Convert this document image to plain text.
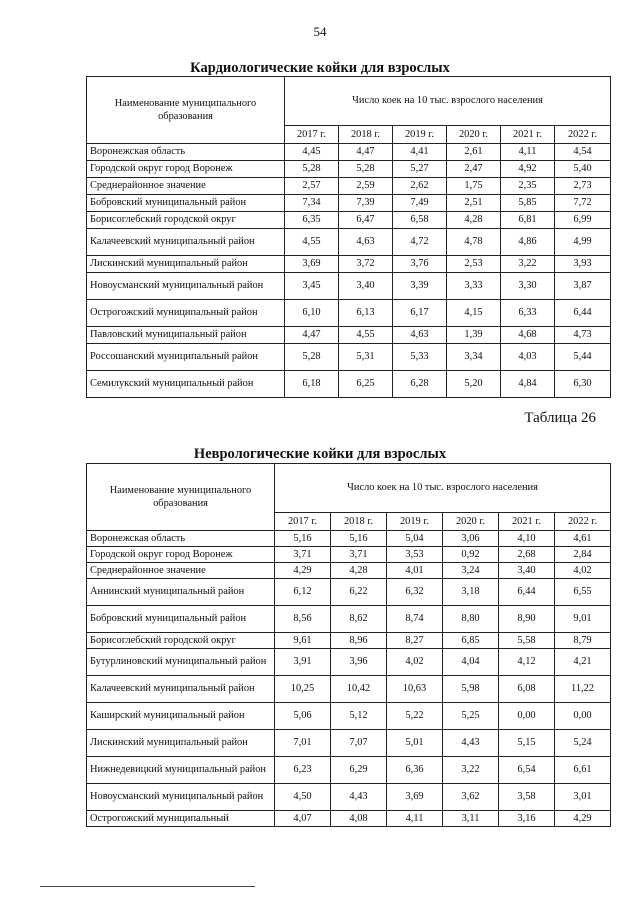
54
Кардиологические койки для взрослых
Наименование муниципального образования	Число коек на 10 тыс. взрослого населения					
	2017 г.	2018 г.	2019 г.	2020 г.	2021 г.	2022 г.
Воронежская область	4,45	4,47	4,41	2,61	4,11	4,54
Городской округ город Воронеж	5,28	5,28	5,27	2,47	4,92	5,40
Среднерайонное значение	2,57	2,59	2,62	1,75	2,35	2,73
Бобровский муниципальный район	7,34	7,39	7,49	2,51	5,85	7,72
Борисоглебский городской округ	6,35	6,47	6,58	4,28	6,81	6,99
Калачеевский муниципальный район	4,55	4,63	4,72	4,78	4,86	4,99
Лискинский муниципальный район	3,69	3,72	3,76	2,53	3,22	3,93
Новоусманский муниципальный район	3,45	3,40	3,39	3,33	3,30	3,87
Острогожский муниципальный район	6,10	6,13	6,17	4,15	6,33	6,44
Павловский муниципальный район	4,47	4,55	4,63	1,39	4,68	4,73
Россошанский муниципальный район	5,28	5,31	5,33	3,34	4,03	5,44
Семилукский муниципальный район	6,18	6,25	6,28	5,20	4,84	6,30
Таблица 26
Неврологические койки для взрослых
Наименование муниципального образования	Число коек на 10 тыс. взрослого населения					
	2017 г.	2018 г.	2019 г.	2020 г.	2021 г.	2022 г.
Воронежская область	5,16	5,16	5,04	3,06	4,10	4,61
Городской округ город Воронеж	3,71	3,71	3,53	0,92	2,68	2,84
Среднерайонное значение	4,29	4,28	4,01	3,24	3,40	4,02
Аннинский муниципальный район	6,12	6,22	6,32	3,18	6,44	6,55
Бобровский муниципальный район	8,56	8,62	8,74	8,80	8,90	9,01
Борисоглебский городской округ	9,61	8,96	8,27	6,85	5,58	8,79
Бутурлиновский муниципальный район	3,91	3,96	4,02	4,04	4,12	4,21
Калачеевский муниципальный район	10,25	10,42	10,63	5,98	6,08	11,22
Каширский муниципальный район	5,06	5,12	5,22	5,25	0,00	0,00
Лискинский муниципальный район	7,01	7,07	5,01	4,43	5,15	5,24
Нижнедевицкий муниципальный район	6,23	6,29	6,36	3,22	6,54	6,61
Новоусманский муниципальный район	4,50	4,43	3,69	3,62	3,58	3,01
Острогожский муниципальный	4,07	4,08	4,11	3,11	3,16	4,29
